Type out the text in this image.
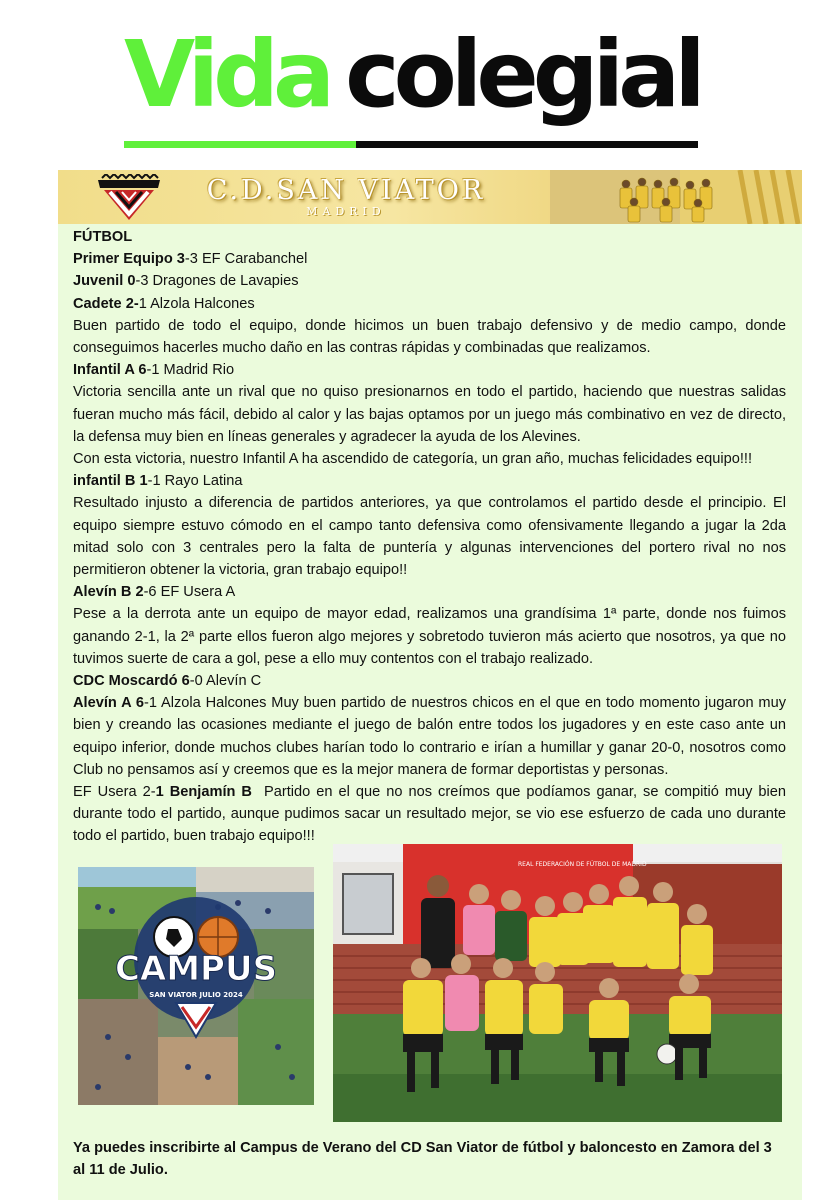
Vida colegial
C.D.SAN VIATOR
MADRID

FÚTBOL

Primer Equipo 3-3 EF Carabanchel

Juvenil 0-3 Dragones de Lavapies

Cadete 2-1 Alzola Halcones

Buen partido de todo el equipo, donde hicimos un buen trabajo defensivo y de medio campo, donde conseguimos hacerles mucho daño en las contras rápidas y combinadas que realizamos.

Infantil A 6-1 Madrid Rio

Victoria sencilla ante un rival que no quiso presionarnos en todo el partido, haciendo que nuestras salidas fueran mucho más fácil, debido al calor y las bajas optamos por un juego más combinativo en vez de directo, la defensa muy bien en líneas generales y agradecer la ayuda de los Alevines.

Con esta victoria, nuestro Infantil A ha ascendido de categoría, un gran año, muchas felicidades equipo!!!

infantil B 1-1 Rayo Latina

Resultado injusto a diferencia de partidos anteriores, ya que controlamos el partido desde el principio. El equipo siempre estuvo cómodo en el campo tanto defensiva como ofensivamente llegando a jugar la 2da mitad solo con 3 centrales pero la falta de puntería y algunas intervenciones del portero rival no nos permitieron obtener la victoria, gran trabajo equipo!!

Alevín B 2-6 EF Usera A

Pese a la derrota ante un equipo de mayor edad, realizamos una grandísima 1ª parte, donde nos fuimos ganando 2-1, la 2ª parte ellos fueron algo mejores y sobretodo tuvieron más acierto que nosotros, ya que no tuvimos suerte de cara a gol, pese a ello muy contentos con el trabajo realizado.

CDC Moscardó 6-0 Alevín C

Alevín A 6-1 Alzola Halcones Muy buen partido de nuestros chicos en el que en todo momento jugaron muy bien y creando las ocasiones mediante el juego de balón entre todos los jugadores y en este caso ante un equipo inferior, donde muchos clubes harían todo lo contrario e irían a humillar y ganar 20-0, nosotros como Club no pensamos así y creemos que es la mejor manera de formar deportistas y personas.

EF Usera 2-1 Benjamín B  Partido en el que no nos creímos que podíamos ganar, se compitió muy bien durante todo el partido, aunque pudimos sacar un resultado mejor, se vio ese esfuerzo de cada uno durante todo el partido, buen trabajo equipo!!!

CAMPUS
SAN VIATOR JULIO 2024
REAL FEDERACIÓN DE FÚTBOL DE MADRID
Ya puedes inscribirte al Campus de Verano del CD San Viator de fútbol y baloncesto en Zamora del 3 al 11 de Julio.
